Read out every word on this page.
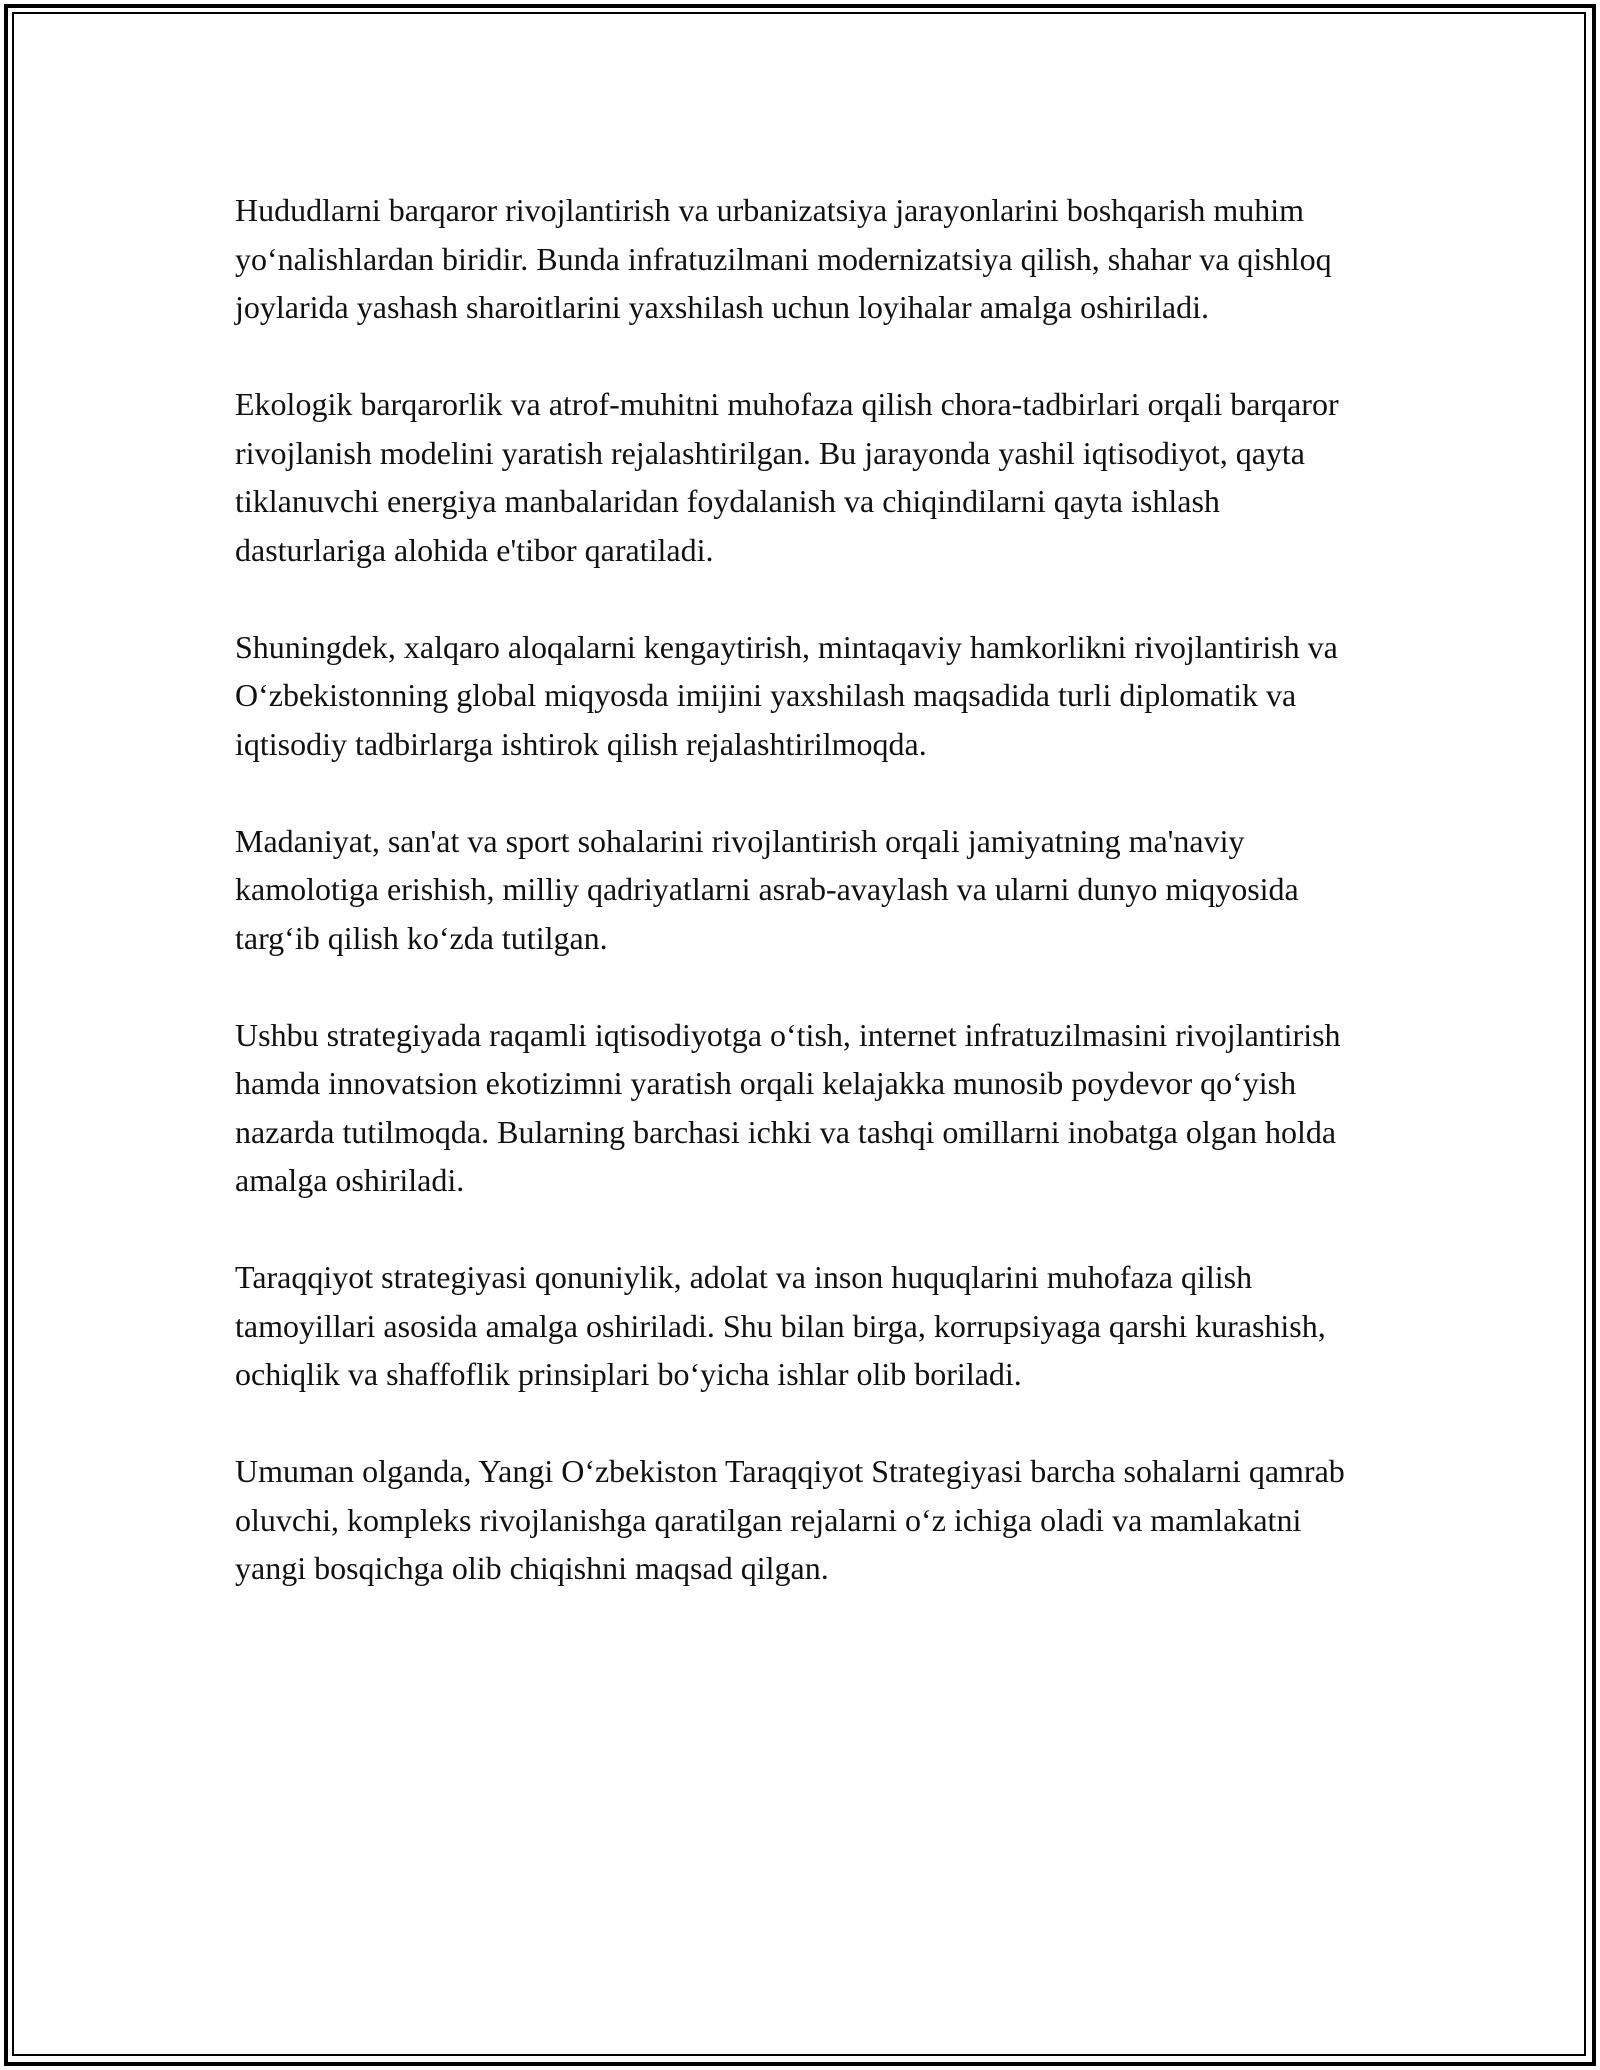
Hududlarni barqaror rivojlantirish va urbanizatsiya jarayonlarini boshqarish muhim yo‘nalishlardan biridir. Bunda infratuzilmani modernizatsiya qilish, shahar va qishloq joylarida yashash sharoitlarini yaxshilash uchun loyihalar amalga oshiriladi.

Ekologik barqarorlik va atrof-muhitni muhofaza qilish chora-tadbirlari orqali barqaror rivojlanish modelini yaratish rejalashtirilgan. Bu jarayonda yashil iqtisodiyot, qayta tiklanuvchi energiya manbalaridan foydalanish va chiqindilarni qayta ishlash dasturlariga alohida e'tibor qaratiladi.

Shuningdek, xalqaro aloqalarni kengaytirish, mintaqaviy hamkorlikni rivojlantirish va O‘zbekistonning global miqyosda imijini yaxshilash maqsadida turli diplomatik va iqtisodiy tadbirlarga ishtirok qilish rejalashtirilmoqda.

Madaniyat, san'at va sport sohalarini rivojlantirish orqali jamiyatning ma'naviy kamolotiga erishish, milliy qadriyatlarni asrab-avaylash va ularni dunyo miqyosida targ‘ib qilish ko‘zda tutilgan.

Ushbu strategiyada raqamli iqtisodiyotga o‘tish, internet infratuzilmasini rivojlantirish hamda innovatsion ekotizimni yaratish orqali kelajakka munosib poydevor qo‘yish nazarda tutilmoqda. Bularning barchasi ichki va tashqi omillarni inobatga olgan holda amalga oshiriladi.

Taraqqiyot strategiyasi qonuniylik, adolat va inson huquqlarini muhofaza qilish tamoyillari asosida amalga oshiriladi. Shu bilan birga, korrupsiyaga qarshi kurashish, ochiqlik va shaffoflik prinsiplari bo‘yicha ishlar olib boriladi.

Umuman olganda, Yangi O‘zbekiston Taraqqiyot Strategiyasi barcha sohalarni qamrab oluvchi, kompleks rivojlanishga qaratilgan rejalarni o‘z ichiga oladi va mamlakatni yangi bosqichga olib chiqishni maqsad qilgan.
